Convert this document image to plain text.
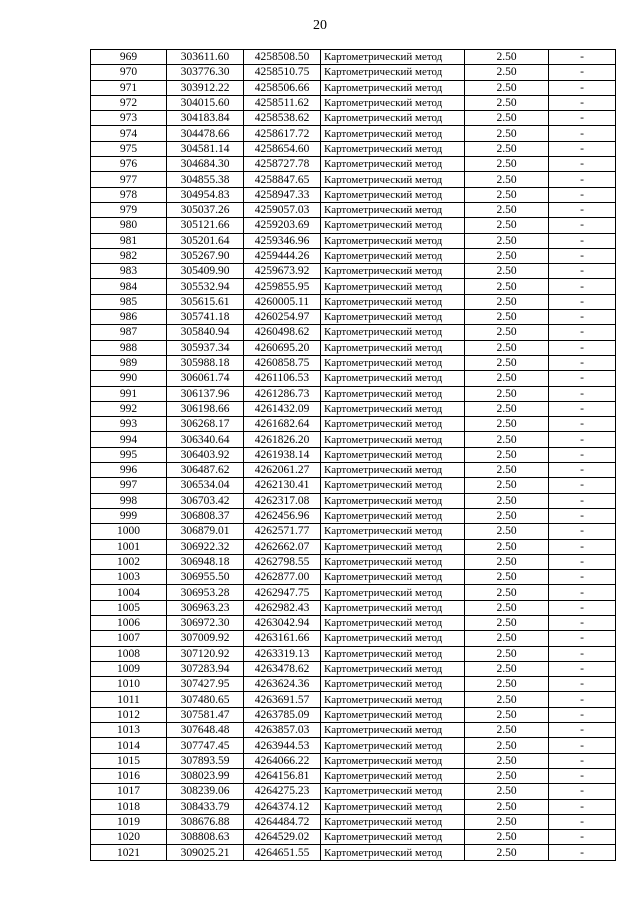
20
969	303611.60	4258508.50	Картометрический метод	2.50	-
970	303776.30	4258510.75	Картометрический метод	2.50	-
971	303912.22	4258506.66	Картометрический метод	2.50	-
972	304015.60	4258511.62	Картометрический метод	2.50	-
973	304183.84	4258538.62	Картометрический метод	2.50	-
974	304478.66	4258617.72	Картометрический метод	2.50	-
975	304581.14	4258654.60	Картометрический метод	2.50	-
976	304684.30	4258727.78	Картометрический метод	2.50	-
977	304855.38	4258847.65	Картометрический метод	2.50	-
978	304954.83	4258947.33	Картометрический метод	2.50	-
979	305037.26	4259057.03	Картометрический метод	2.50	-
980	305121.66	4259203.69	Картометрический метод	2.50	-
981	305201.64	4259346.96	Картометрический метод	2.50	-
982	305267.90	4259444.26	Картометрический метод	2.50	-
983	305409.90	4259673.92	Картометрический метод	2.50	-
984	305532.94	4259855.95	Картометрический метод	2.50	-
985	305615.61	4260005.11	Картометрический метод	2.50	-
986	305741.18	4260254.97	Картометрический метод	2.50	-
987	305840.94	4260498.62	Картометрический метод	2.50	-
988	305937.34	4260695.20	Картометрический метод	2.50	-
989	305988.18	4260858.75	Картометрический метод	2.50	-
990	306061.74	4261106.53	Картометрический метод	2.50	-
991	306137.96	4261286.73	Картометрический метод	2.50	-
992	306198.66	4261432.09	Картометрический метод	2.50	-
993	306268.17	4261682.64	Картометрический метод	2.50	-
994	306340.64	4261826.20	Картометрический метод	2.50	-
995	306403.92	4261938.14	Картометрический метод	2.50	-
996	306487.62	4262061.27	Картометрический метод	2.50	-
997	306534.04	4262130.41	Картометрический метод	2.50	-
998	306703.42	4262317.08	Картометрический метод	2.50	-
999	306808.37	4262456.96	Картометрический метод	2.50	-
1000	306879.01	4262571.77	Картометрический метод	2.50	-
1001	306922.32	4262662.07	Картометрический метод	2.50	-
1002	306948.18	4262798.55	Картометрический метод	2.50	-
1003	306955.50	4262877.00	Картометрический метод	2.50	-
1004	306953.28	4262947.75	Картометрический метод	2.50	-
1005	306963.23	4262982.43	Картометрический метод	2.50	-
1006	306972.30	4263042.94	Картометрический метод	2.50	-
1007	307009.92	4263161.66	Картометрический метод	2.50	-
1008	307120.92	4263319.13	Картометрический метод	2.50	-
1009	307283.94	4263478.62	Картометрический метод	2.50	-
1010	307427.95	4263624.36	Картометрический метод	2.50	-
1011	307480.65	4263691.57	Картометрический метод	2.50	-
1012	307581.47	4263785.09	Картометрический метод	2.50	-
1013	307648.48	4263857.03	Картометрический метод	2.50	-
1014	307747.45	4263944.53	Картометрический метод	2.50	-
1015	307893.59	4264066.22	Картометрический метод	2.50	-
1016	308023.99	4264156.81	Картометрический метод	2.50	-
1017	308239.06	4264275.23	Картометрический метод	2.50	-
1018	308433.79	4264374.12	Картометрический метод	2.50	-
1019	308676.88	4264484.72	Картометрический метод	2.50	-
1020	308808.63	4264529.02	Картометрический метод	2.50	-
1021	309025.21	4264651.55	Картометрический метод	2.50	-
